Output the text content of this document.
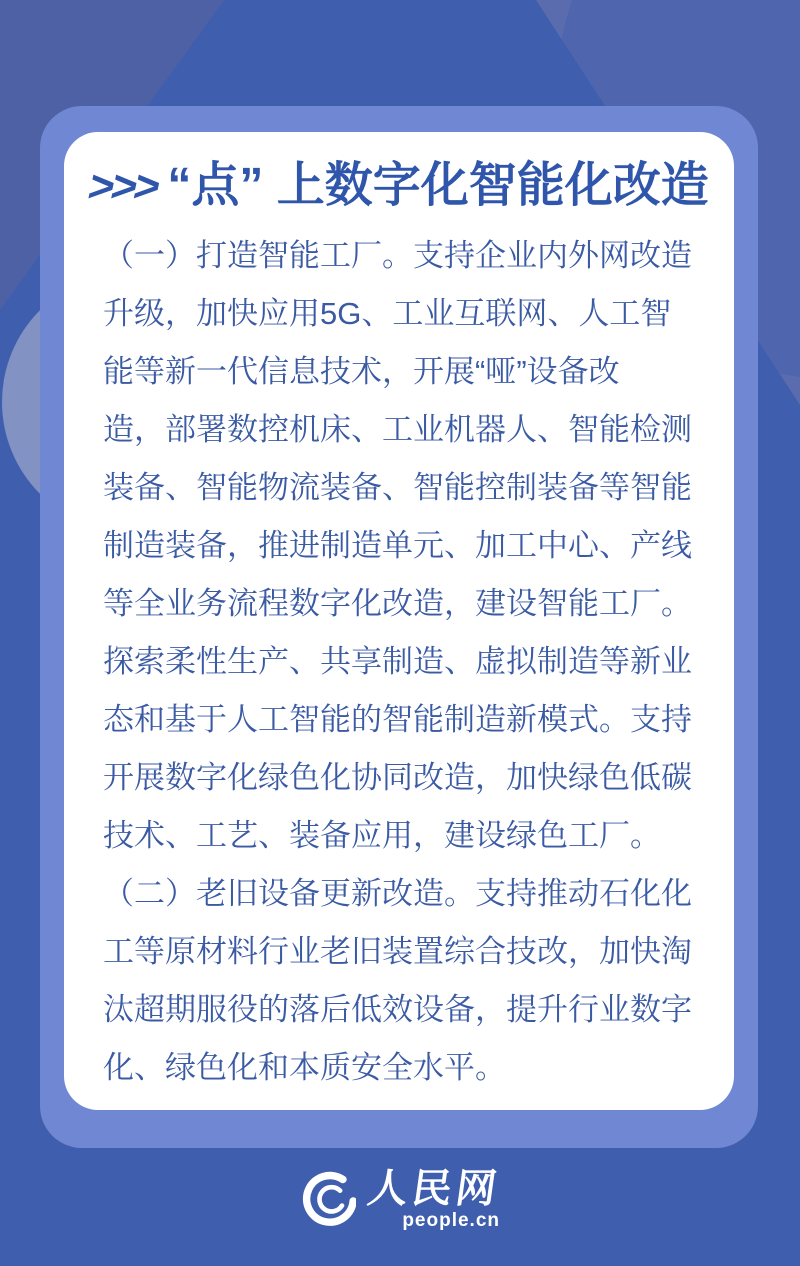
>>>“点” 上数字化智能化改造
（一）打造智能工厂。支持企业内外网改造
升级，加快应用5G、工业互联网、人工智
能等新一代信息技术，开展“哑”设备改
造，部署数控机床、工业机器人、智能检测
装备、智能物流装备、智能控制装备等智能
制造装备，推进制造单元、加工中心、产线
等全业务流程数字化改造，建设智能工厂。
探索柔性生产、共享制造、虚拟制造等新业
态和基于人工智能的智能制造新模式。支持
开展数字化绿色化协同改造，加快绿色低碳
技术、工艺、装备应用，建设绿色工厂。
（二）老旧设备更新改造。支持推动石化化
工等原材料行业老旧装置综合技改，加快淘
汰超期服役的落后低效设备，提升行业数字
化、绿色化和本质安全水平。
人民网
people.cn
